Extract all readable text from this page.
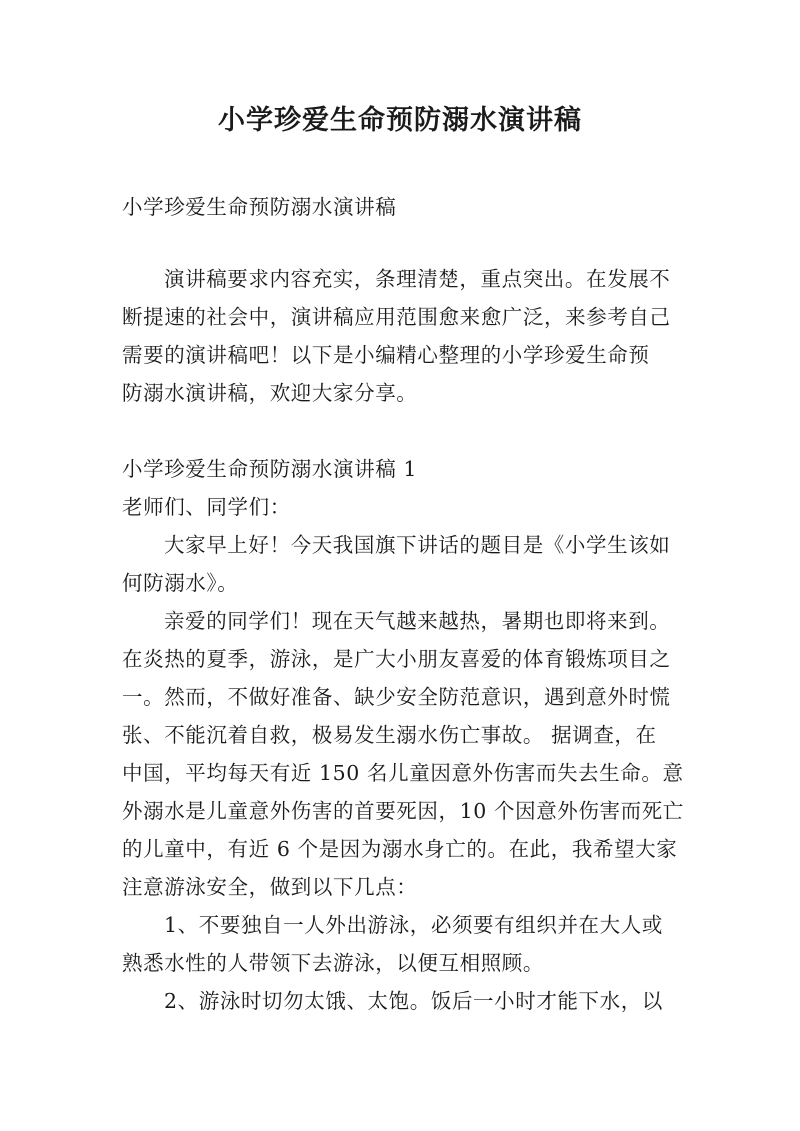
小学珍爱生命预防溺水演讲稿
小学珍爱生命预防溺水演讲稿
演讲稿要求内容充实，条理清楚，重点突出。在发展不
断提速的社会中，演讲稿应用范围愈来愈广泛，来参考自己
需要的演讲稿吧！以下是小编精心整理的小学珍爱生命预
防溺水演讲稿，欢迎大家分享。
小学珍爱生命预防溺水演讲稿 1
老师们、同学们：
大家早上好！今天我国旗下讲话的题目是《小学生该如
何防溺水》。
亲爱的同学们！现在天气越来越热，暑期也即将来到。
在炎热的夏季，游泳，是广大小朋友喜爱的体育锻炼项目之
一。然而，不做好准备、缺少安全防范意识，遇到意外时慌
张、不能沉着自救，极易发生溺水伤亡事故。 据调查，在
中国，平均每天有近 150 名儿童因意外伤害而失去生命。意
外溺水是儿童意外伤害的首要死因，10 个因意外伤害而死亡
的儿童中，有近 6 个是因为溺水身亡的。在此，我希望大家
注意游泳安全，做到以下几点：
1、不要独自一人外出游泳，必须要有组织并在大人或
熟悉水性的人带领下去游泳，以便互相照顾。
2、游泳时切勿太饿、太饱。饭后一小时才能下水，以
